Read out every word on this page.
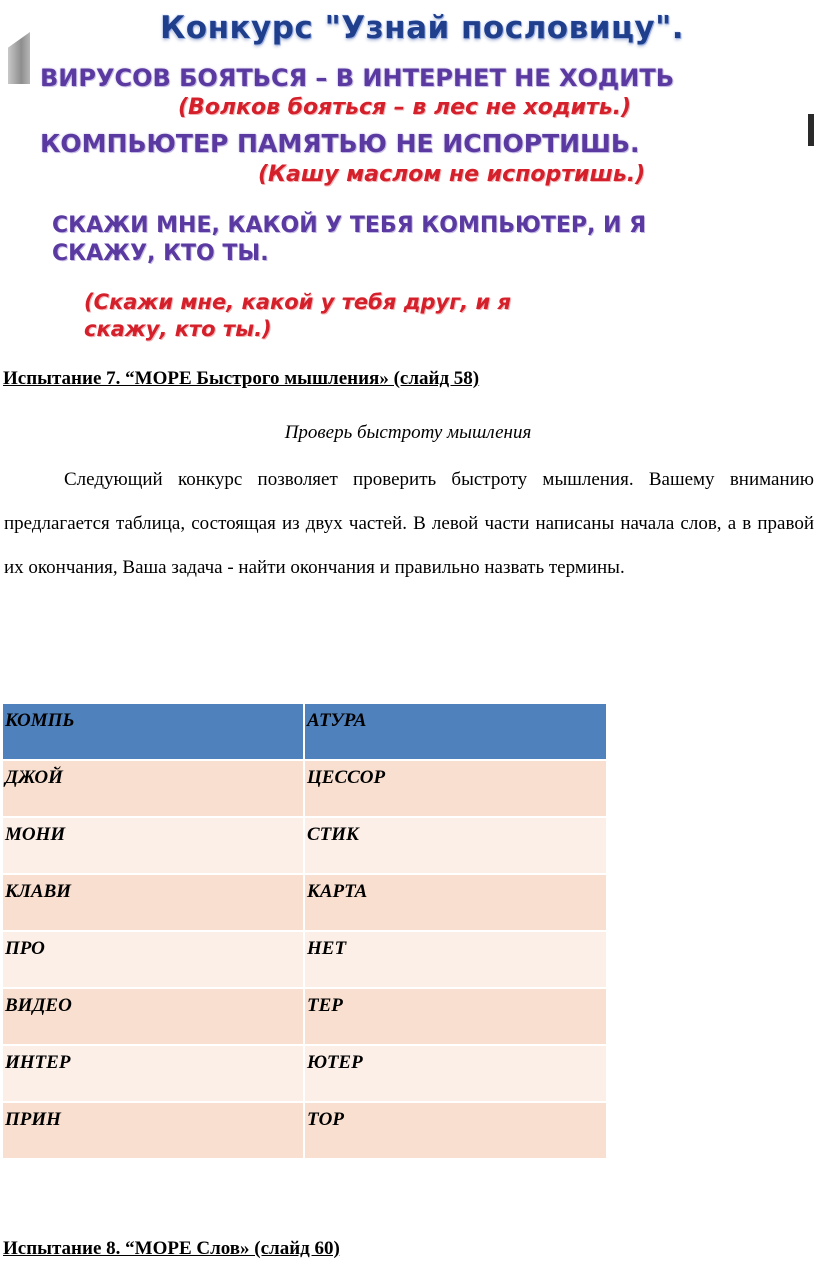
Конкурс "Узнай пословицу".
ВИРУСОВ БОЯТЬСЯ – В ИНТЕРНЕТ НЕ ХОДИТЬ
(Волков бояться – в лес не ходить.)
КОМПЬЮТЕР ПАМЯТЬЮ НЕ ИСПОРТИШЬ.
(Кашу маслом не испортишь.)
СКАЖИ МНЕ, КАКОЙ У ТЕБЯ КОМПЬЮТЕР, И Я
СКАЖУ, КТО ТЫ.
(Скажи мне, какой у тебя друг, и я
скажу, кто ты.)
Испытание 7. “МОРЕ Быстрого мышления» (слайд 58)
Проверь быстроту мышления

Следующий конкурс позволяет проверить быстроту мышления. Вашему вниманию предлагается таблица, состоящая из двух частей. В левой части написаны начала слов, а в правой их окончания, Ваша задача - найти окончания и правильно назвать термины.

КОМПЬ	АТУРА
ДЖОЙ	ЦЕССОР
МОНИ	СТИК
КЛАВИ	КАРТА
ПРО	НЕТ
ВИДЕО	ТЕР
ИНТЕР	ЮТЕР
ПРИН	ТОР
Испытание 8. “МОРЕ Слов» (слайд 60)
